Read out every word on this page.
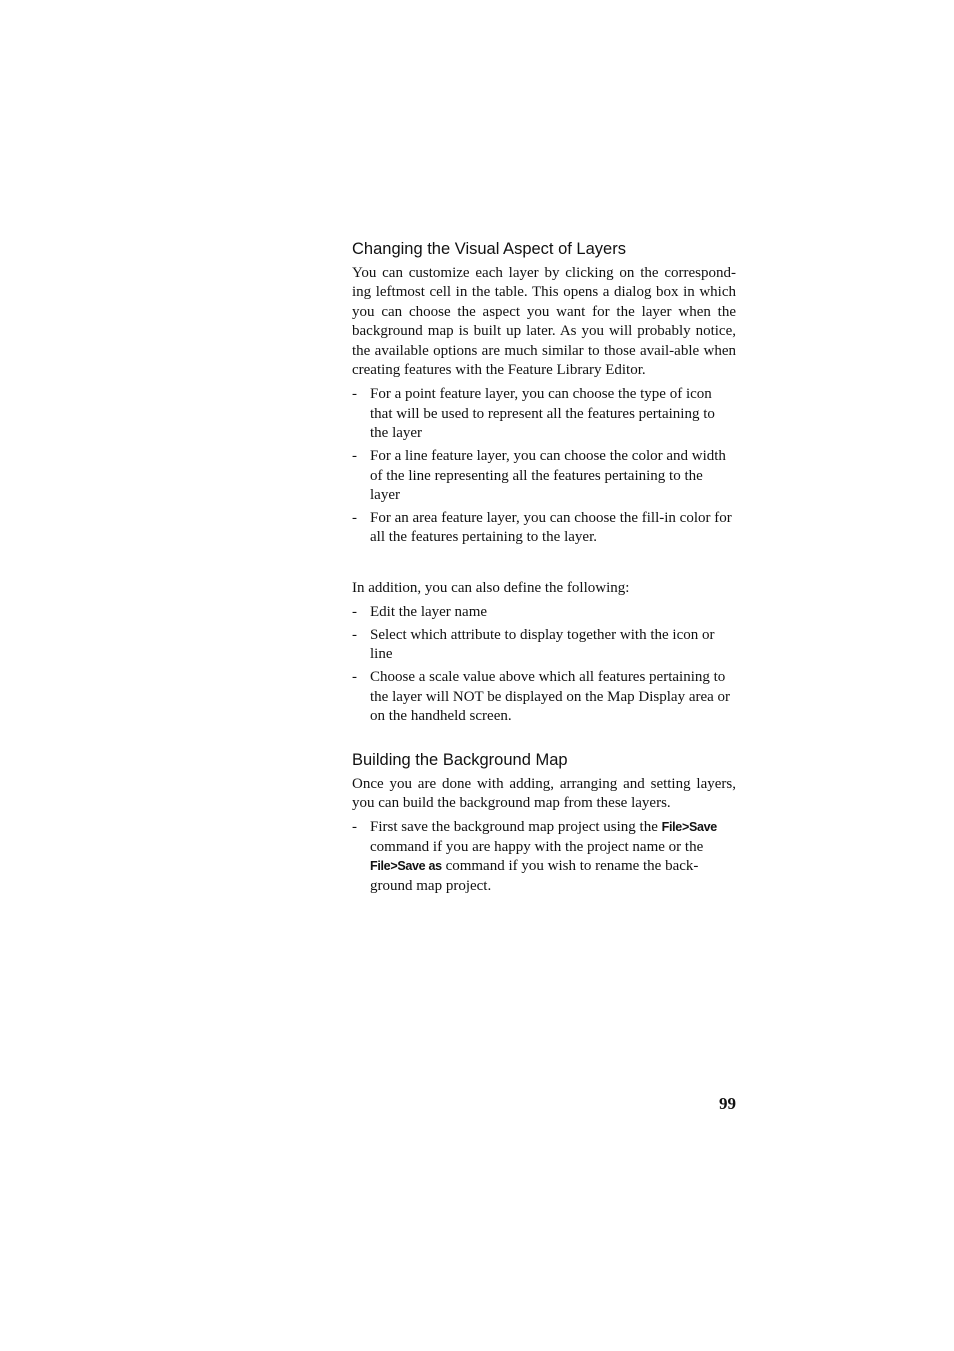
Changing the Visual Aspect of Layers

You can customize each layer by clicking on the correspond-ing leftmost cell in the table. This opens a dialog box in which you can choose the aspect you want for the layer when the background map is built up later. As you will probably notice, the available options are much similar to those avail-able when creating features with the Feature Library Editor.

- For a point feature layer, you can choose the type of icon that will be used to represent all the features pertaining to the layer
- For a line feature layer, you can choose the color and width of the line representing all the features pertaining to the layer
- For an area feature layer, you can choose the fill-in color for all the features pertaining to the layer.

In addition, you can also define the following:

- Edit the layer name
- Select which attribute to display together with the icon or line
- Choose a scale value above which all features pertaining to the layer will NOT be displayed on the Map Display area or on the handheld screen.
Building the Background Map

Once you are done with adding, arranging and setting layers, you can build the background map from these layers.

- First save the background map project using the File>Save command if you are happy with the project name or the File>Save as command if you wish to rename the back-ground map project.
99
